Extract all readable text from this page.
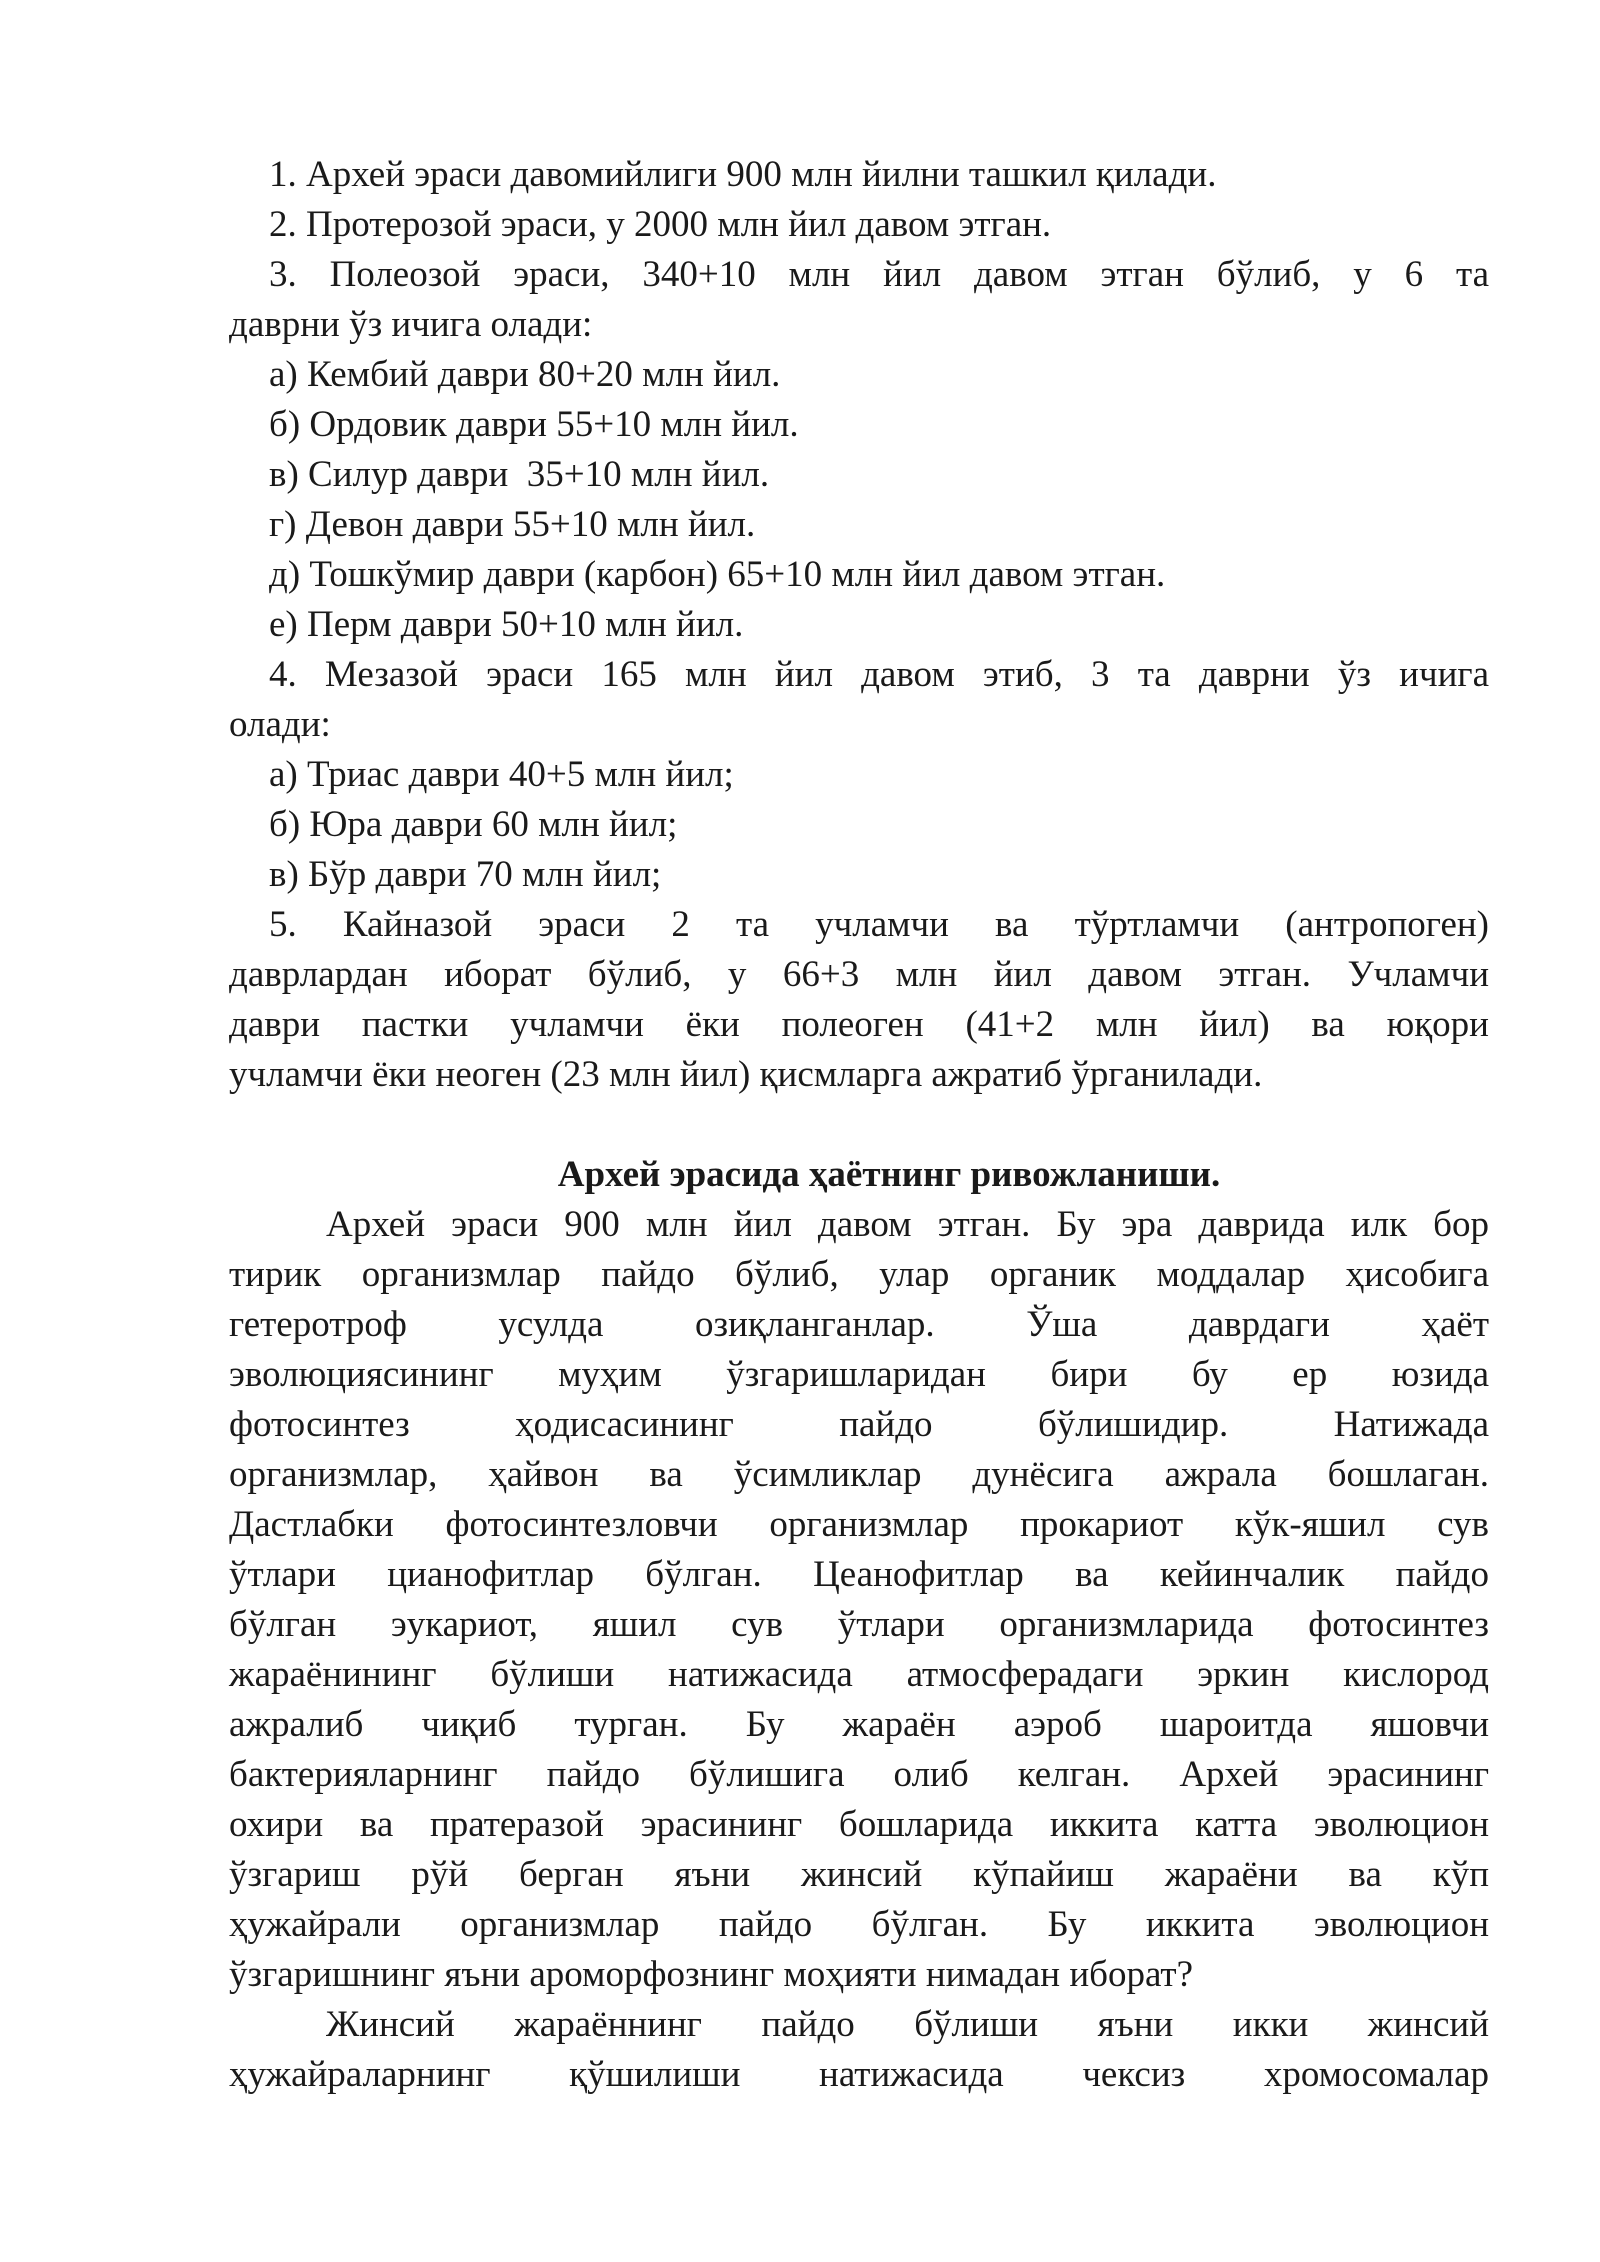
1. Архей эраси давомийлиги 900 млн йилни ташкил қилади.
2. Протерозой эраси, у 2000 млн йил давом этган.
3. Полеозой эраси, 340+10 млн йил давом этган бўлиб, у 6 та
даврни ўз ичига олади:
а) Кембий даври 80+20 млн йил.
б) Ордовик даври 55+10 млн йил.
в) Силур даври  35+10 млн йил.
г) Девон даври 55+10 млн йил.
д) Тошкўмир даври (карбон) 65+10 млн йил давом этган.
е) Перм даври 50+10 млн йил.
4. Мезазой эраси 165 млн йил давом этиб, 3 та даврни ўз ичига
олади:
а) Триас даври 40+5 млн йил;
б) Юра даври 60 млн йил;
в) Бўр даври 70 млн йил;
5. Кайназой эраси 2 та учламчи ва тўртламчи (антропоген)
даврлардан иборат бўлиб, у 66+3 млн йил давом этган. Учламчи
даври пастки учламчи ёки полеоген (41+2 млн йил) ва юқори
учламчи ёки неоген (23 млн йил) қисмларга ажратиб ўрганилади.
Архей эрасида ҳаётнинг ривожланиши.
Архей эраси 900 млн йил давом этган. Бу эра даврида илк бор
тирик организмлар пайдо бўлиб, улар органик моддалар ҳисобига
гетеротроф усулда озиқланганлар. Ўша даврдаги ҳаёт
эволюциясининг муҳим ўзгаришларидан бири бу ер юзида
фотосинтез ҳодисасининг пайдо бўлишидир. Натижада
организмлар, ҳайвон ва ўсимликлар дунёсига ажрала бошлаган.
Дастлабки фотосинтезловчи организмлар прокариот кўк-яшил сув
ўтлари цианофитлар бўлган. Цеанофитлар ва кейинчалик пайдо
бўлган эукариот, яшил сув ўтлари организмларида фотосинтез
жараёнининг бўлиши натижасида атмосферадаги эркин кислород
ажралиб чиқиб турган. Бу жараён аэроб шароитда яшовчи
бактерияларнинг пайдо бўлишига олиб келган. Архей эрасининг
охири ва пратеразой эрасининг бошларида иккита катта эволюцион
ўзгариш рўй берган яъни жинсий кўпайиш жараёни ва кўп
ҳужайрали организмлар пайдо бўлган. Бу иккита эволюцион
ўзгаришнинг яъни ароморфознинг моҳияти нимадан иборат?
Жинсий жараённинг пайдо бўлиши яъни икки жинсий
ҳужайраларнинг қўшилиши натижасида чексиз хромосомалар
